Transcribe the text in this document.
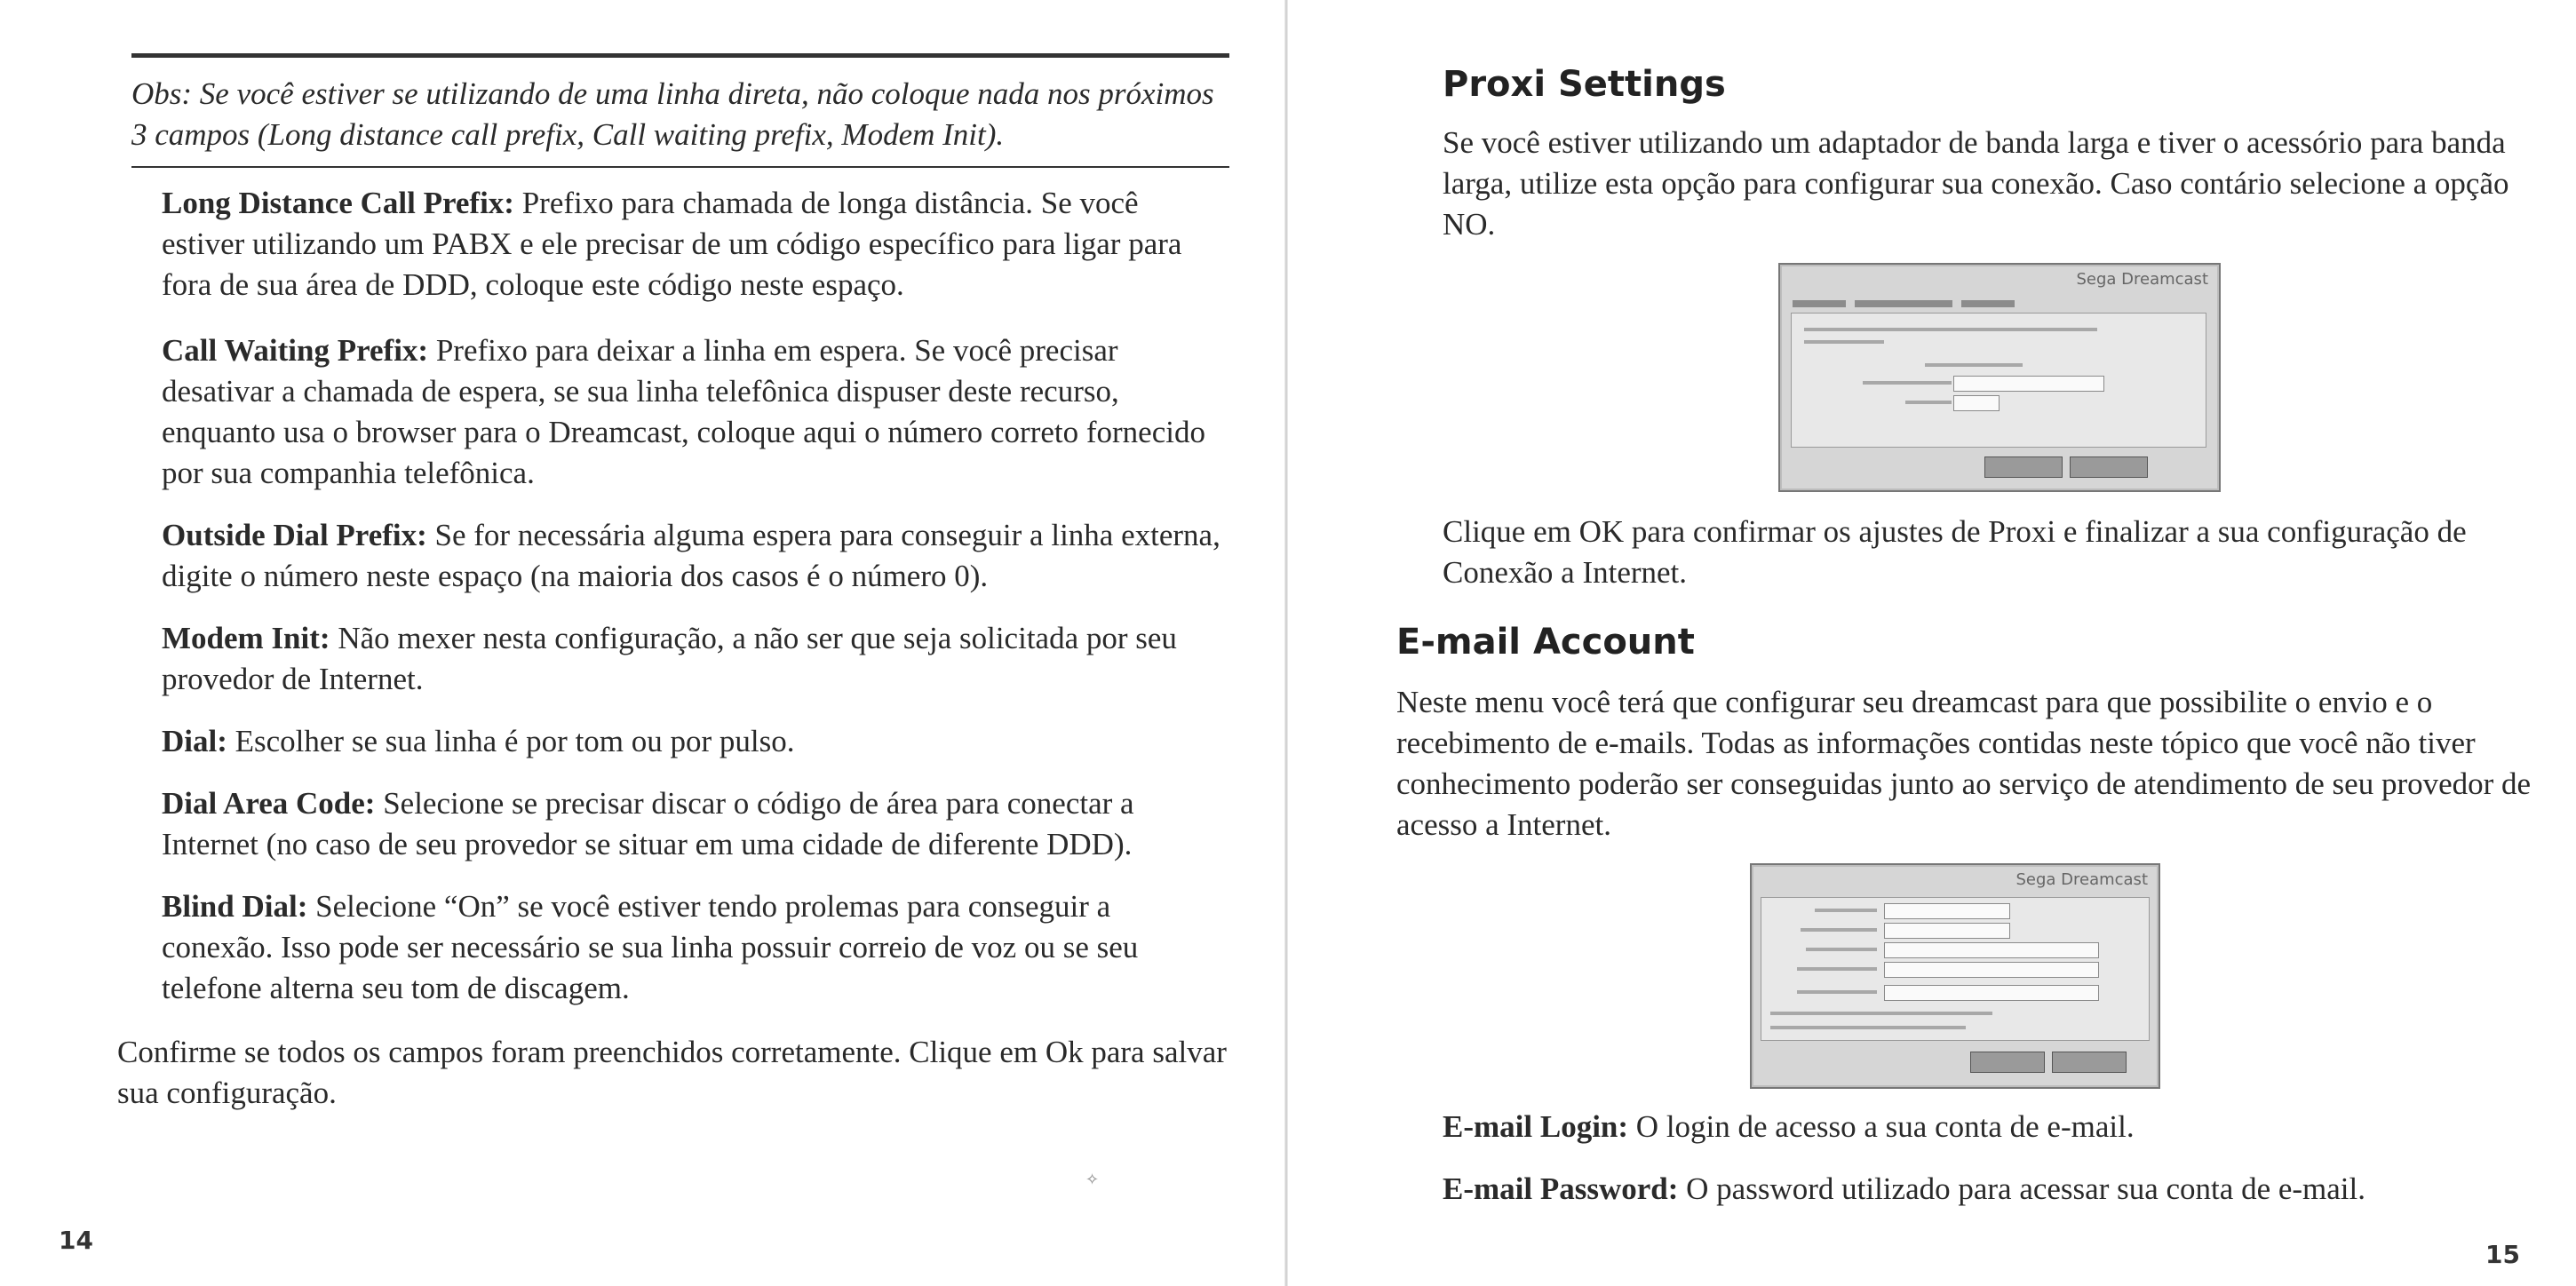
Obs: Se você estiver se utilizando de uma linha direta, não coloque nada nos próximos 3 campos (Long distance call prefix, Call waiting prefix, Modem Init).
Long Distance Call Prefix: Prefixo para chamada de longa distância. Se você estiver utilizando um PABX e ele precisar de um código específico para ligar para fora de sua área de DDD, coloque este código neste espaço.
Call Waiting Prefix: Prefixo para deixar a linha em espera. Se você precisar desativar a chamada de espera, se sua linha telefônica dispuser deste recurso, enquanto usa o browser para o Dreamcast, coloque aqui o número correto fornecido por sua companhia telefônica.
Outside Dial Prefix: Se for necessária alguma espera para conseguir a linha externa, digite o número neste espaço (na maioria dos casos é o número 0).
Modem Init: Não mexer nesta configuração, a não ser que seja solicitada por seu provedor de Internet.
Dial: Escolher se sua linha é por tom ou por pulso.
Dial Area Code: Selecione se precisar discar o código de área para conectar a Internet (no caso de seu provedor se situar em uma cidade de diferente DDD).
Blind Dial: Selecione “On” se você estiver tendo prolemas para conseguir a conexão. Isso pode ser necessário se sua linha possuir correio de voz ou se seu telefone alterna seu tom de discagem.
Confirme se todos os campos foram preenchidos corretamente. Clique em Ok para salvar sua configuração.
✧
14
Proxi Settings
Se você estiver utilizando um adaptador de banda larga e tiver o acessório para banda larga, utilize esta opção para configurar sua conexão. Caso contário selecione a opção NO.
Sega Dreamcast
Clique em OK para confirmar os ajustes de Proxi e finalizar a sua configuração de Conexão a Internet.
E-mail Account
Neste menu você terá que configurar seu dreamcast para que possibilite o envio e o recebimento de e-mails. Todas as informações contidas neste tópico que você não tiver conhecimento poderão ser conseguidas junto ao serviço de atendimento de seu provedor de acesso a Internet.
Sega Dreamcast
E-mail Login: O login de acesso a sua conta de e-mail.
E-mail Password: O password utilizado para acessar sua conta de e-mail.
15
